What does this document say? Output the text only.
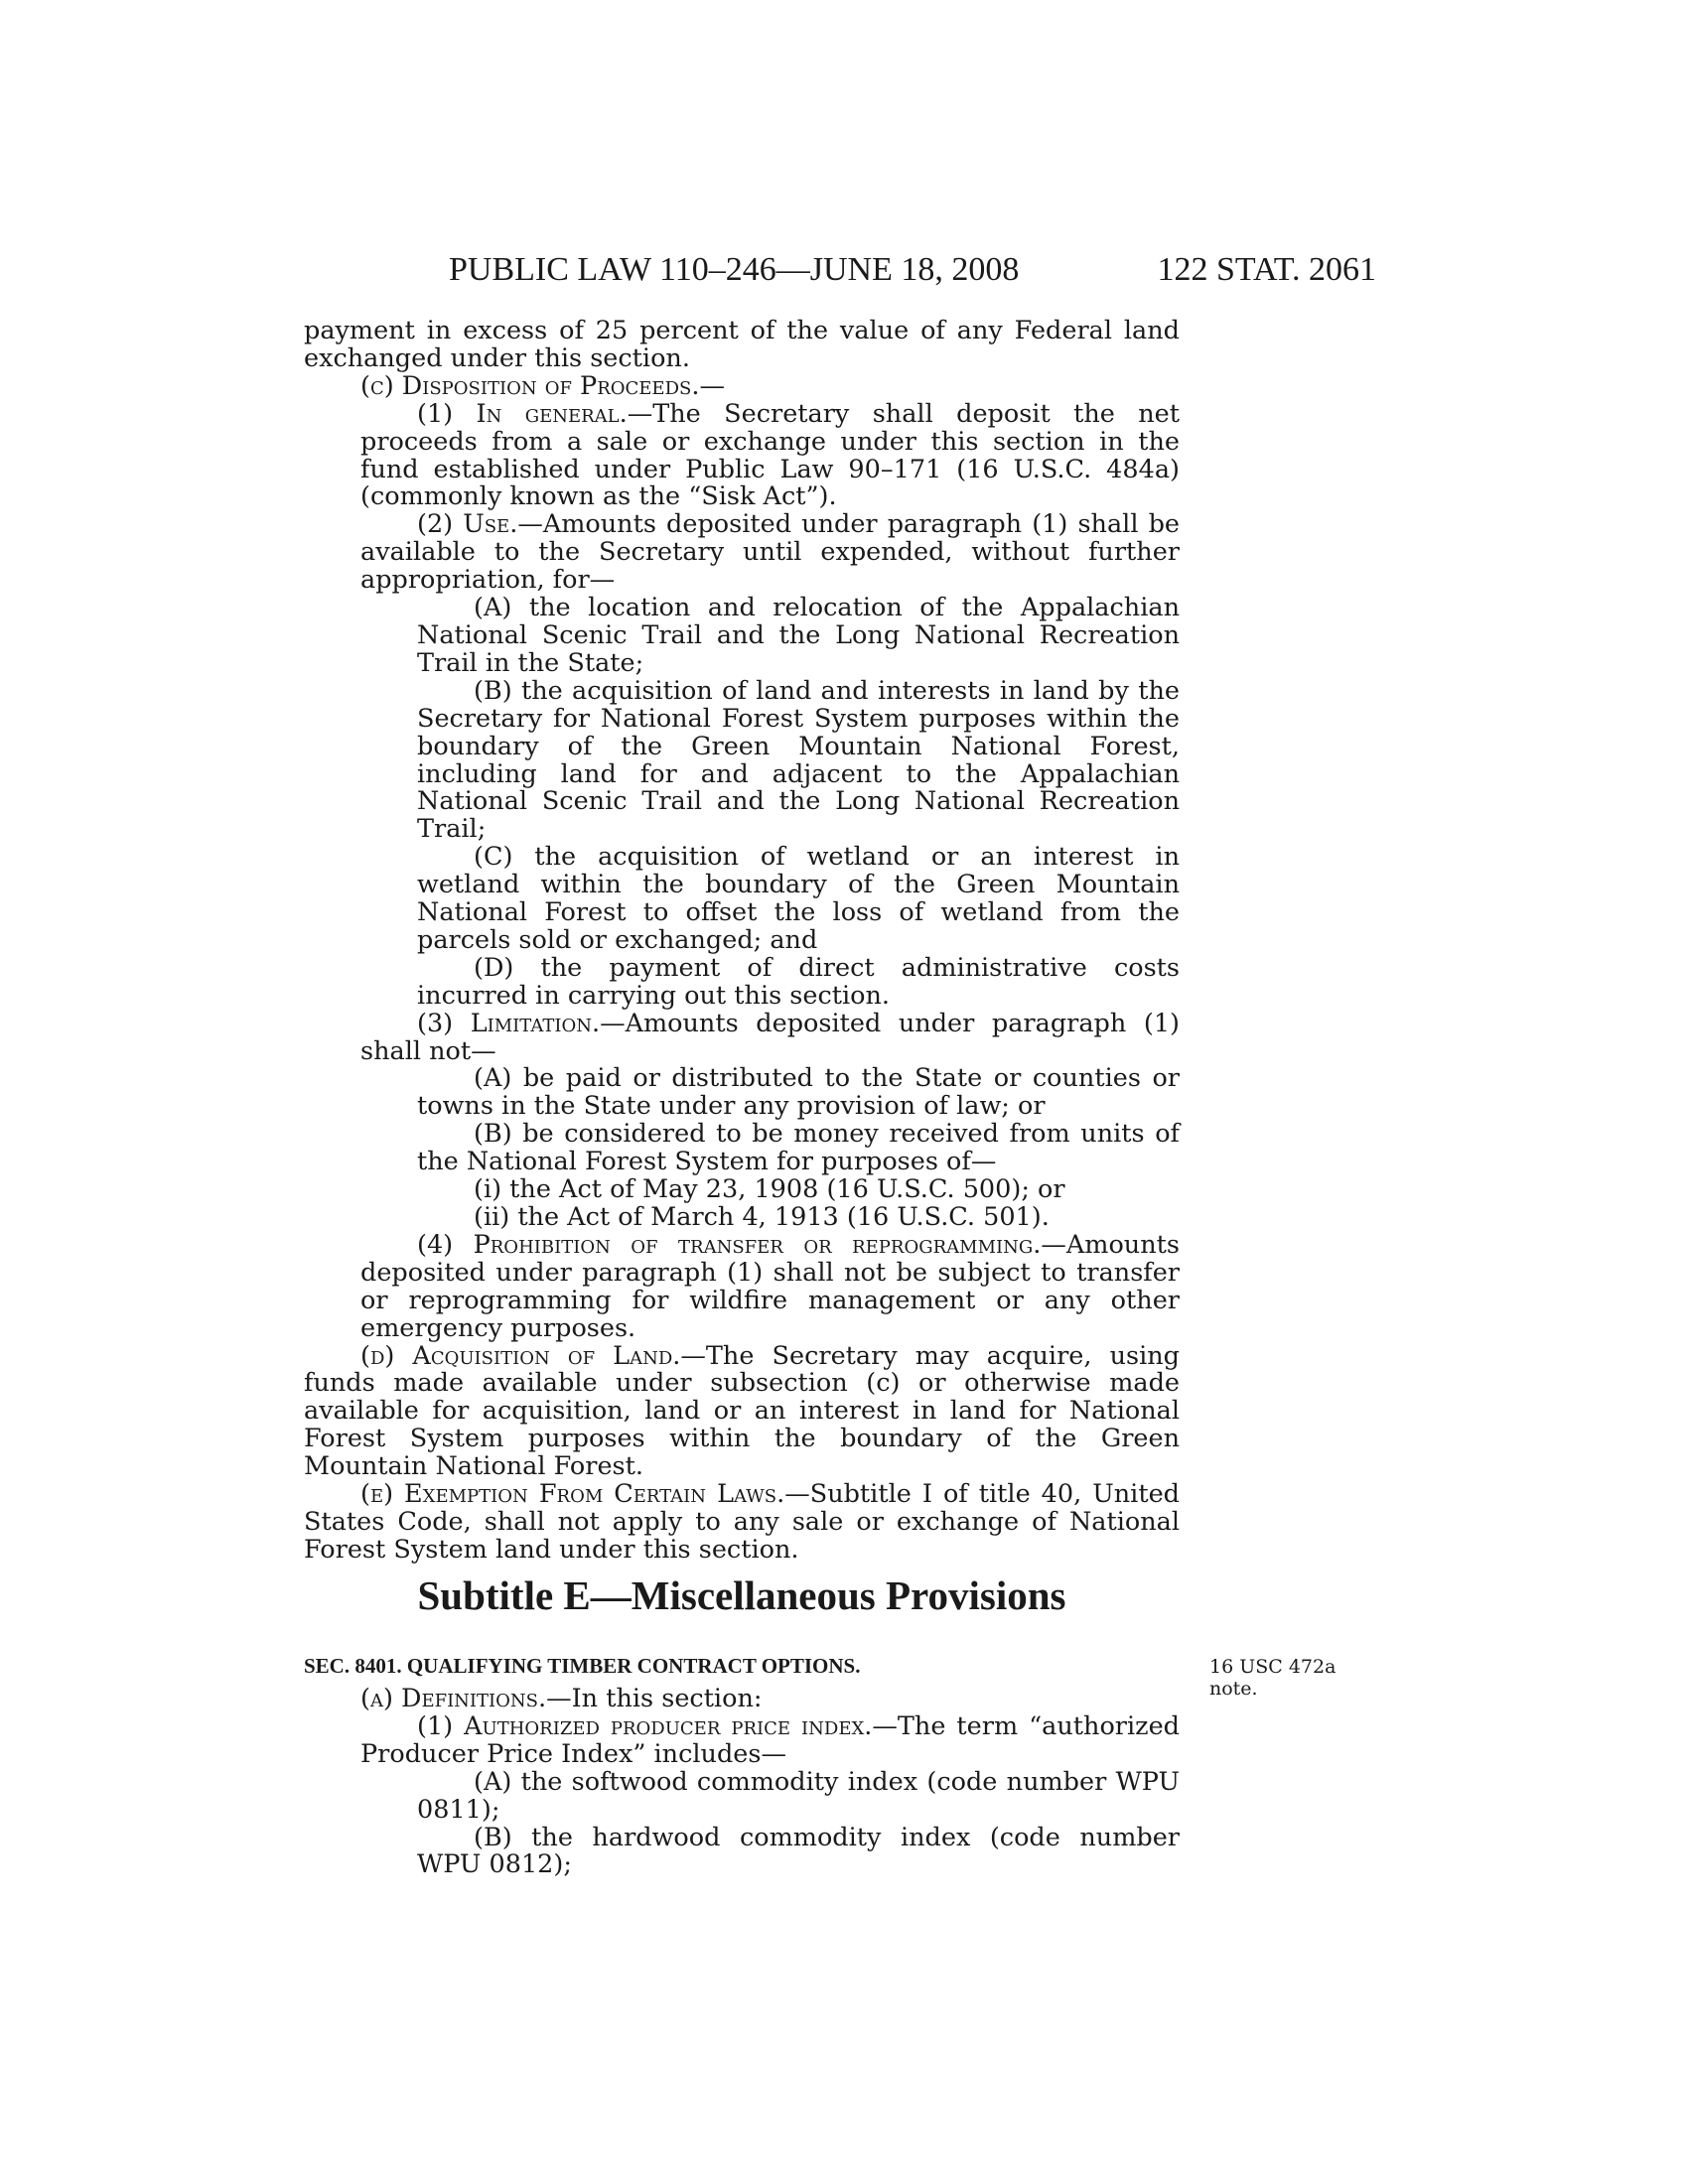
PUBLIC LAW 110–246—JUNE 18, 2008	122 STAT. 2061

payment in excess of 25 percent of the value of any Federal land exchanged under this section.

(c) Disposition of Proceeds.—

(1) In general.—The Secretary shall deposit the net proceeds from a sale or exchange under this section in the fund established under Public Law 90–171 (16 U.S.C. 484a) (commonly known as the “Sisk Act”).

(2) Use.—Amounts deposited under paragraph (1) shall be available to the Secretary until expended, without further appropriation, for—

(A) the location and relocation of the Appalachian National Scenic Trail and the Long National Recreation Trail in the State;

(B) the acquisition of land and interests in land by the Secretary for National Forest System purposes within the boundary of the Green Mountain National Forest, including land for and adjacent to the Appalachian National Scenic Trail and the Long National Recreation Trail;

(C) the acquisition of wetland or an interest in wetland within the boundary of the Green Mountain National Forest to offset the loss of wetland from the parcels sold or exchanged; and

(D) the payment of direct administrative costs incurred in carrying out this section.

(3) Limitation.—Amounts deposited under paragraph (1) shall not—

(A) be paid or distributed to the State or counties or towns in the State under any provision of law; or

(B) be considered to be money received from units of the National Forest System for purposes of—

(i) the Act of May 23, 1908 (16 U.S.C. 500); or

(ii) the Act of March 4, 1913 (16 U.S.C. 501).

(4) Prohibition of transfer or reprogramming.—Amounts deposited under paragraph (1) shall not be subject to transfer or reprogramming for wildfire management or any other emergency purposes.

(d) Acquisition of Land.—The Secretary may acquire, using funds made available under subsection (c) or otherwise made available for acquisition, land or an interest in land for National Forest System purposes within the boundary of the Green Mountain National Forest.

(e) Exemption From Certain Laws.—Subtitle I of title 40, United States Code, shall not apply to any sale or exchange of National Forest System land under this section.

Subtitle E—Miscellaneous Provisions

SEC. 8401. QUALIFYING TIMBER CONTRACT OPTIONS.

(a) Definitions.—In this section:

(1) Authorized producer price index.—The term “authorized Producer Price Index” includes—

(A) the softwood commodity index (code number WPU 0811);

(B) the hardwood commodity index (code number WPU 0812);

16 USC 472a
note.
